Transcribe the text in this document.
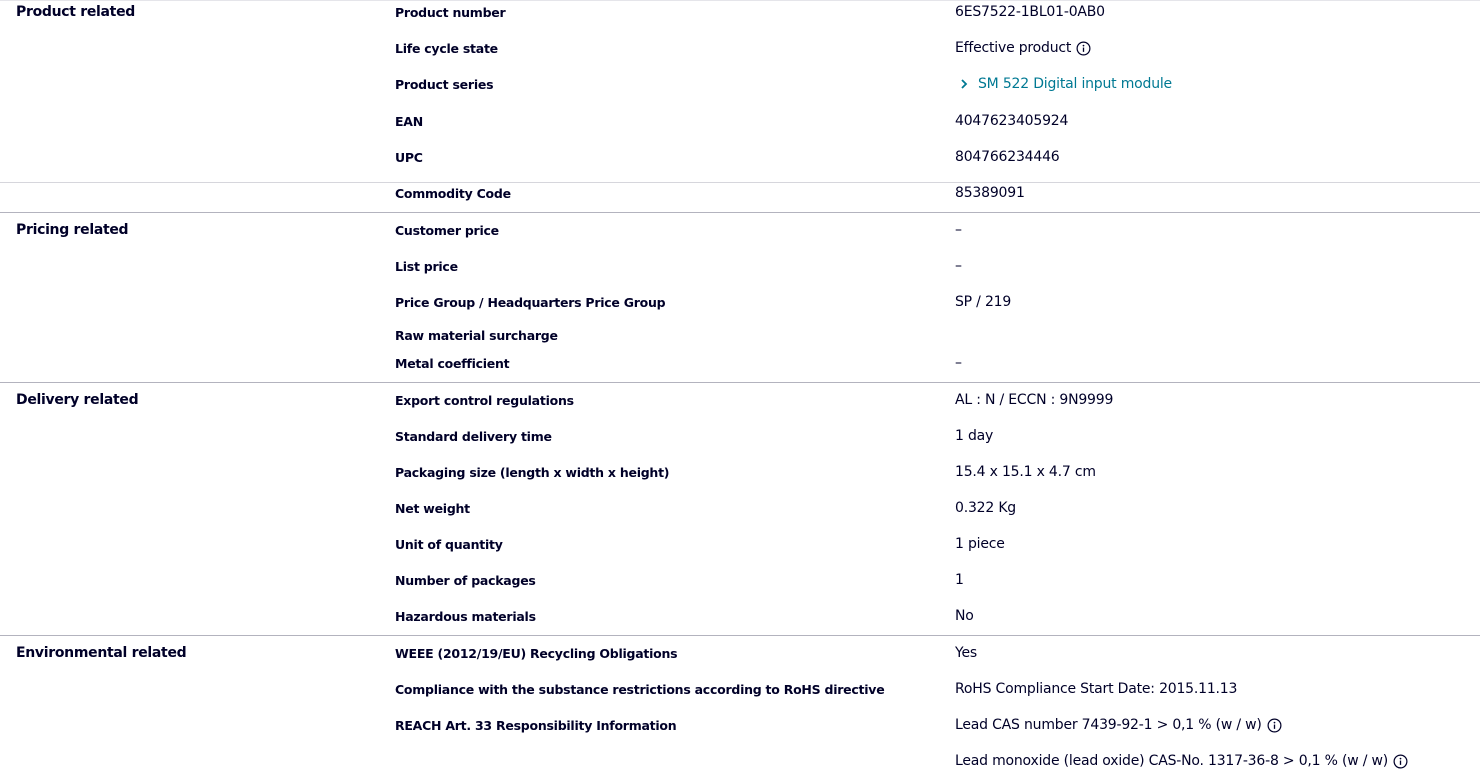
Product related	Product number	6ES7522-1BL01-0AB0
Life cycle state	Effective product
Product series	SM 522 Digital input module
EAN	4047623405924
UPC	804766234446
Commodity Code	85389091
Pricing related	Customer price	–
List price	–
Price Group / Headquarters Price Group	SP / 219
Raw material surcharge
Metal coefficient	–
Delivery related	Export control regulations	AL : N / ECCN : 9N9999
Standard delivery time	1 day
Packaging size (length x width x height)	15.4 x 15.1 x 4.7 cm
Net weight	0.322 Kg
Unit of quantity	1 piece
Number of packages	1
Hazardous materials	No
Environmental related	WEEE (2012/19/EU) Recycling Obligations	Yes
Compliance with the substance restrictions according to RoHS directive	RoHS Compliance Start Date: 2015.11.13
REACH Art. 33 Responsibility Information	Lead CAS number 7439-92-1 > 0,1 % (w / w)
Lead monoxide (lead oxide) CAS-No. 1317-36-8 > 0,1 % (w / w)
